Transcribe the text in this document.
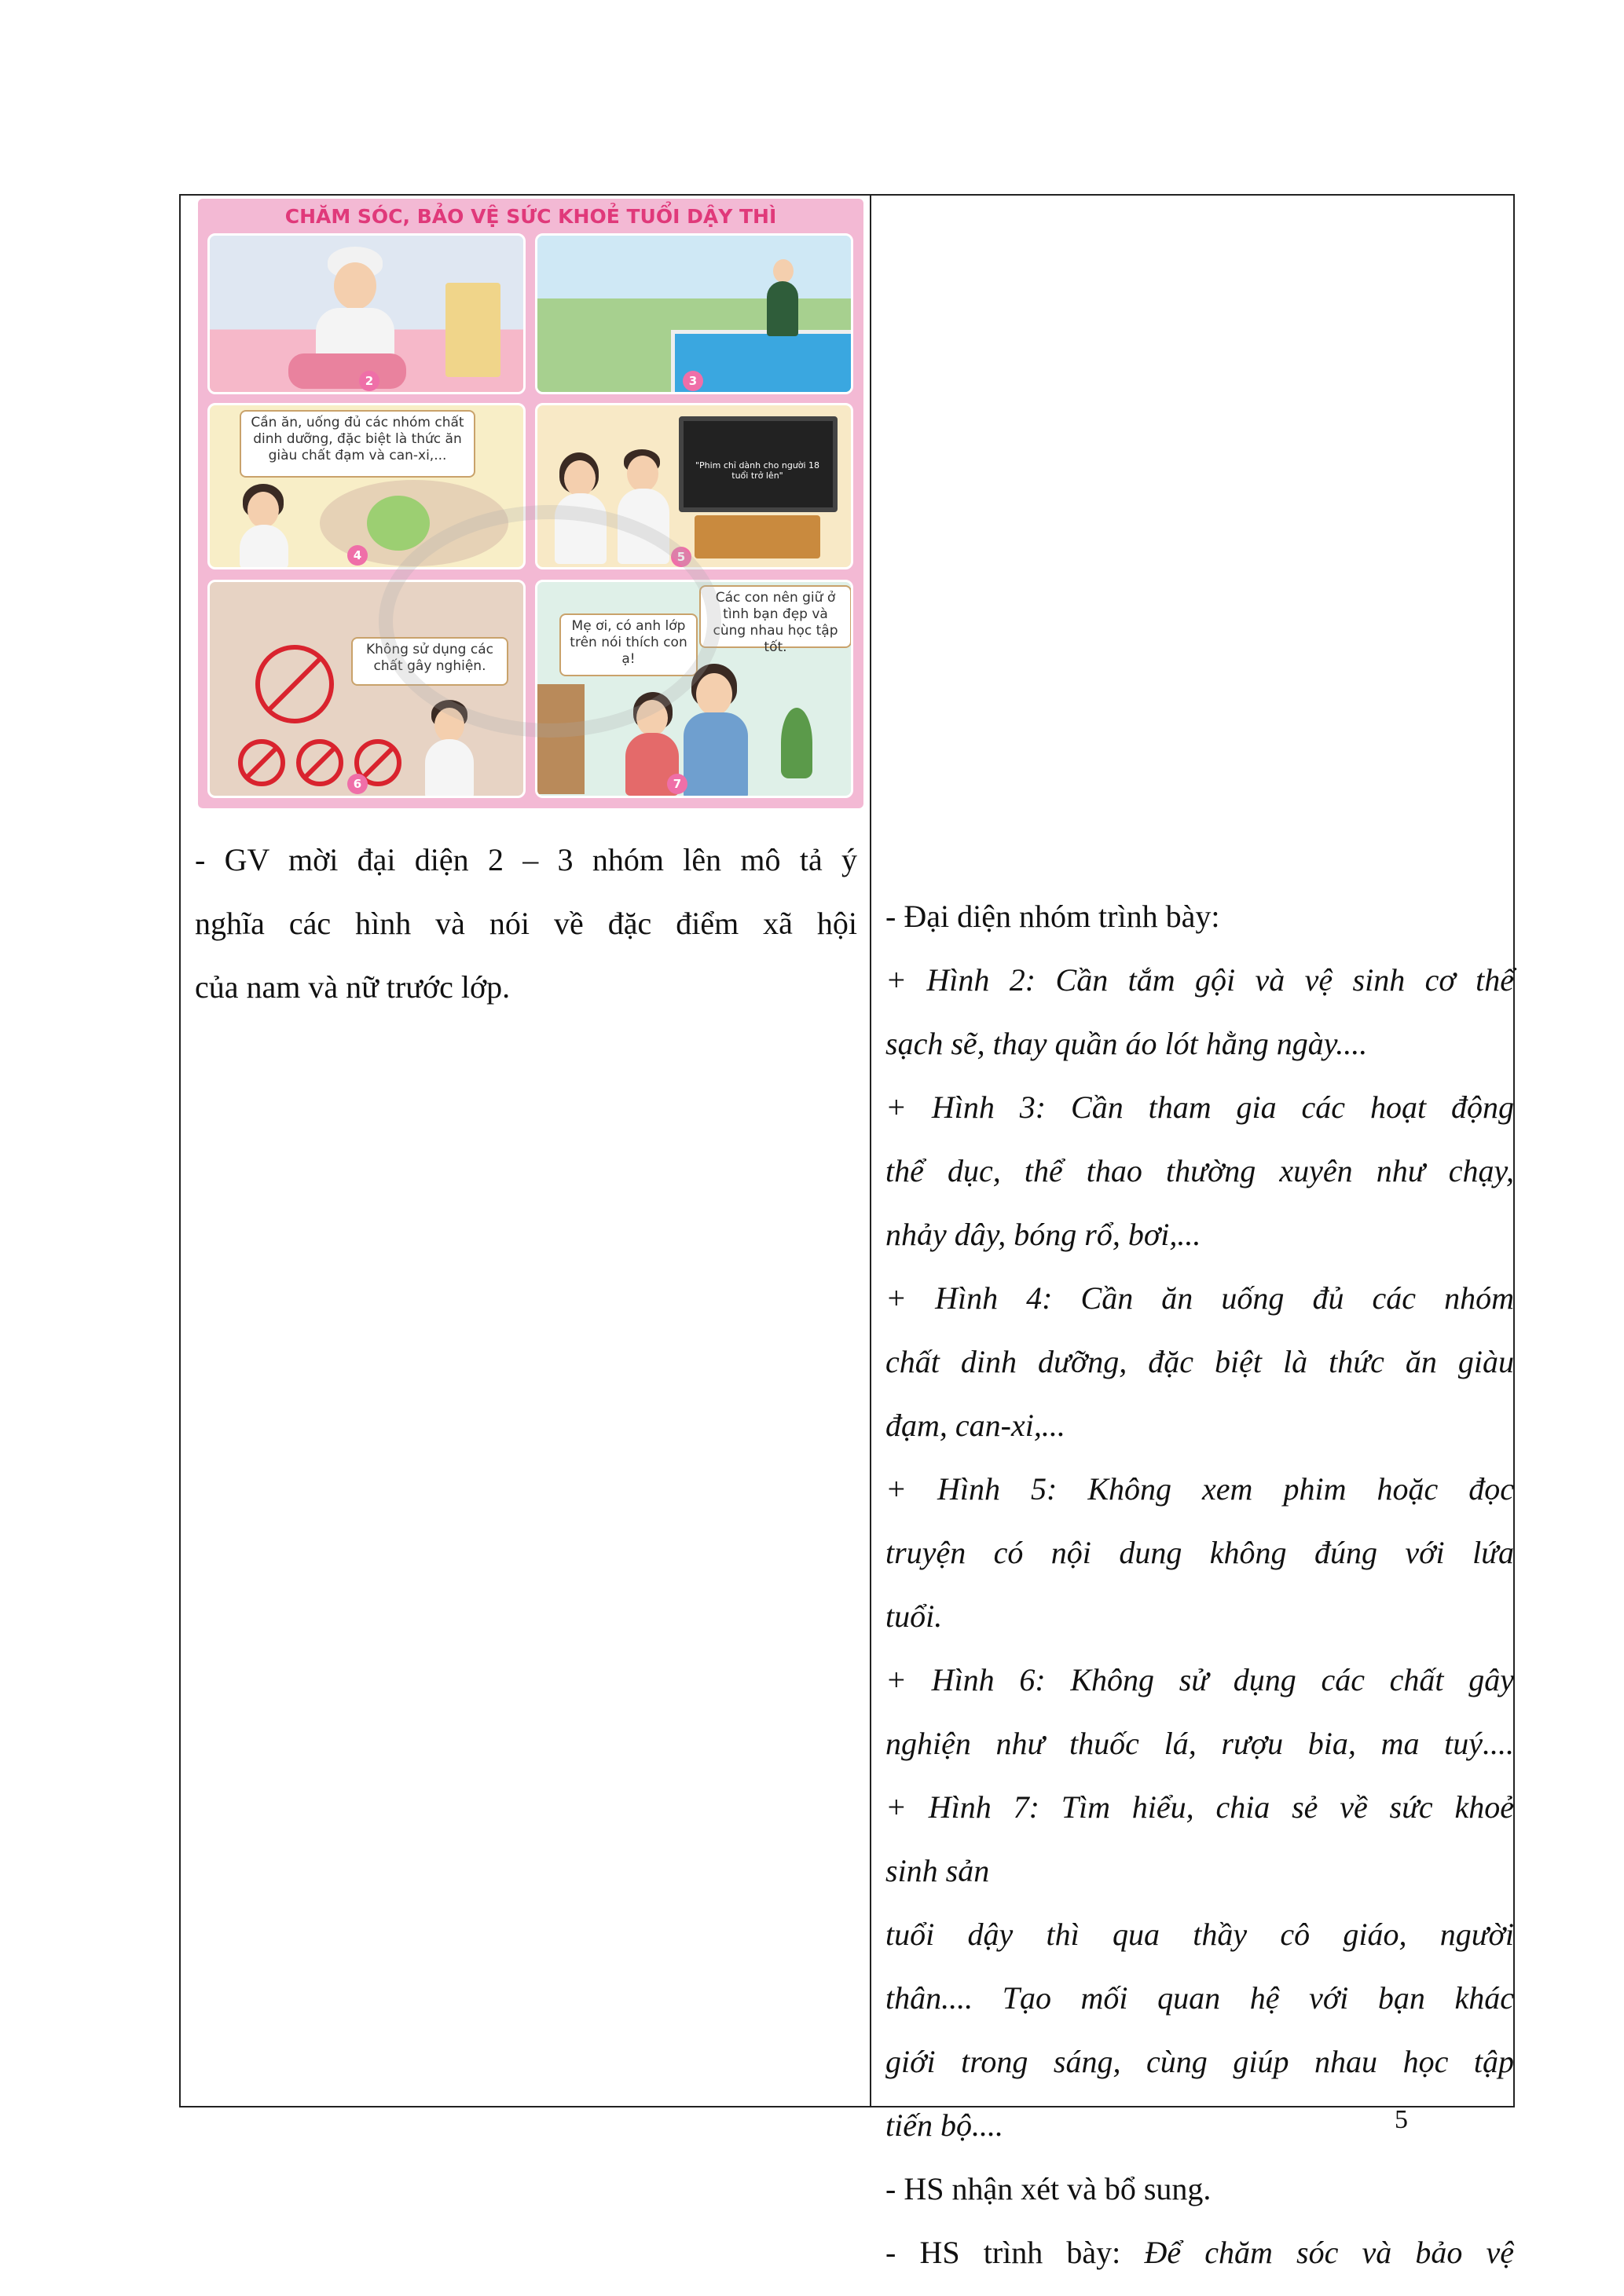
CHĂM SÓC, BẢO VỆ SỨC KHOẺ TUỔI DẬY THÌ
2	3
Cần ăn, uống đủ các nhóm chất dinh dưỡng, đặc biệt là thức ăn giàu chất đạm và can-xi,...
4
"Phim chỉ dành cho người 18 tuổi trở lên"
5
Không sử dụng các chất gây nghiện.
6
Các con nên giữ ở tình bạn đẹp và cùng nhau học tập tốt.
Mẹ ơi, có anh lớp trên nói thích con ạ!
7
- GV mời đại diện 2 – 3 nhóm lên mô tả ý
nghĩa các hình và nói về đặc điểm xã hội
của nam và nữ trước lớp.
- Đại diện nhóm trình bày:
+ Hình 2: Cần tắm gội và vệ sinh cơ thể
sạch sẽ, thay quần áo lót hằng ngày....
+ Hình 3: Cần tham gia các hoạt động
thể dục, thể thao thường xuyên như chạy,
nhảy dây, bóng rổ, bơi,...
+ Hình 4: Cần ăn uống đủ các nhóm
chất dinh dưỡng, đặc biệt là thức ăn giàu
đạm, can-xi,...
+ Hình 5: Không xem phim hoặc đọc
truyện có nội dung không đúng với lứa
tuổi.
+ Hình 6: Không sử dụng các chất gây
nghiện như thuốc lá, rượu bia, ma tuý....
+ Hình 7: Tìm hiểu, chia sẻ về sức khoẻ
sinh sản
tuổi dậy thì qua thầy cô giáo, người
thân.... Tạo mối quan hệ với bạn khác
giới trong sáng, cùng giúp nhau học tập
tiến bộ....
- HS nhận xét và bổ sung.
- HS trình bày: Để chăm sóc và bảo vệ
5
